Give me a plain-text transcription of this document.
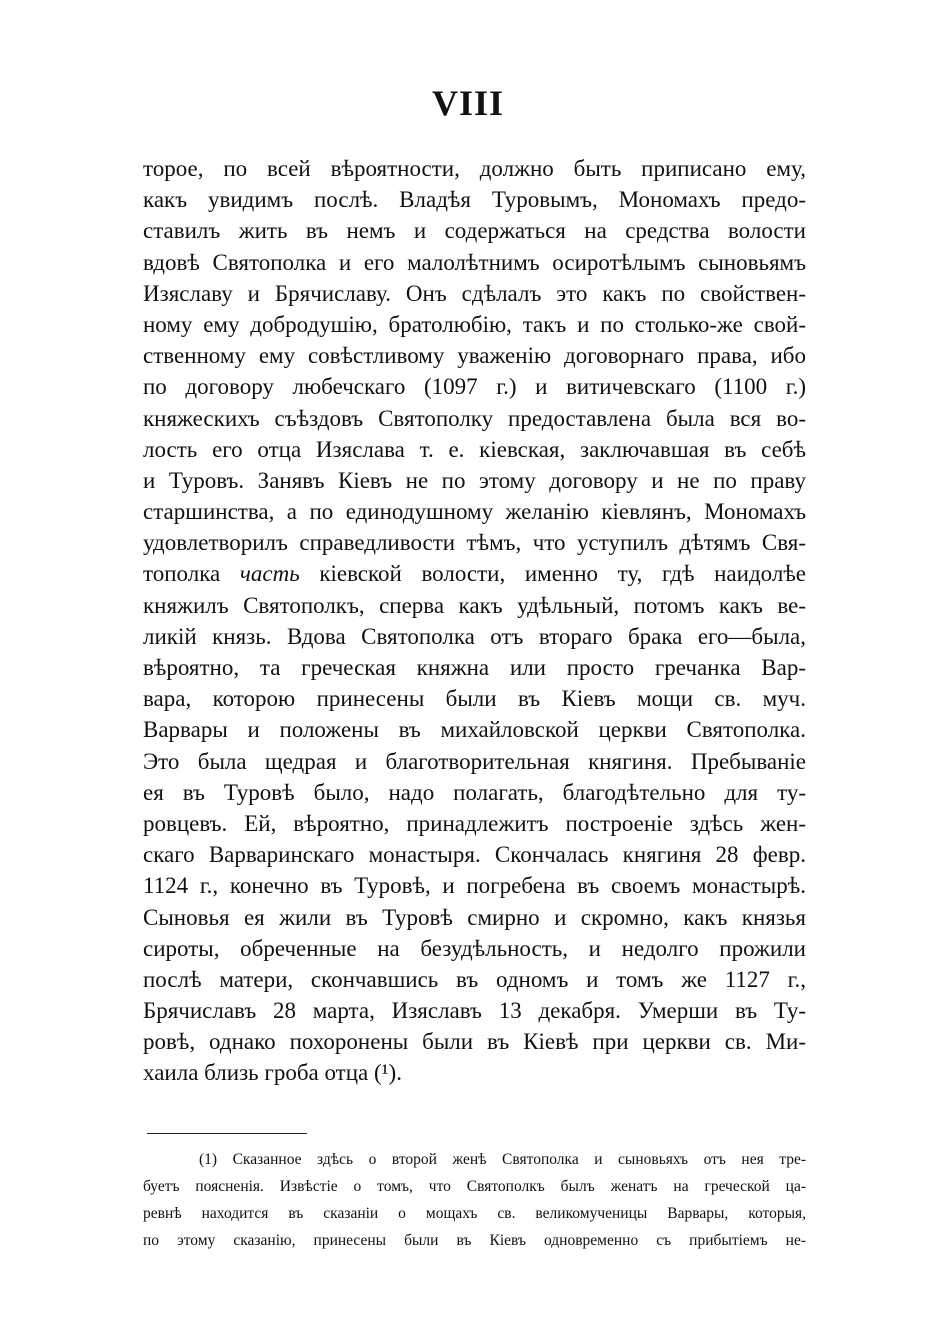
VIII
торое, по всей вѣроятности, должно быть приписано ему,
какъ увидимъ послѣ. Владѣя Туровымъ, Мономахъ предо-
ставилъ жить въ немъ и содержаться на средства волости
вдовѣ Святополка и его малолѣтнимъ осиротѣлымъ сыновьямъ
Изяславу и Брячиславу. Онъ сдѣлалъ это какъ по свойствен-
ному ему добродушію, братолюбію, такъ и по столько-же свой-
ственному ему совѣстливому уваженію договорнаго права, ибо
по договору любечскаго (1097 г.) и витичевскаго (1100 г.)
княжескихъ съѣздовъ Святополку предоставлена была вся во-
лость его отца Изяслава т. е. кіевская, заключавшая въ себѣ
и Туровъ. Занявъ Кіевъ не по этому договору и не по праву
старшинства, а по единодушному желанію кіевлянъ, Мономахъ
удовлетворилъ справедливости тѣмъ, что уступилъ дѣтямъ Свя-
тополка часть кіевской волости, именно ту, гдѣ наидолѣе
княжилъ Святополкъ, сперва какъ удѣльный, потомъ какъ ве-
ликій князь. Вдова Святополка отъ втораго брака его—была,
вѣроятно, та греческая княжна или просто гречанка Вар-
вара, которою принесены были въ Кіевъ мощи св. муч.
Варвары и положены въ михайловской церкви Святополка.
Это была щедрая и благотворительная княгиня. Пребываніе
ея въ Туровѣ было, надо полагать, благодѣтельно для ту-
ровцевъ. Ей, вѣроятно, принадлежитъ построеніе здѣсь жен-
скаго Варваринскаго монастыря. Скончалась княгиня 28 февр.
1124 г., конечно въ Туровѣ, и погребена въ своемъ монастырѣ.
Сыновья ея жили въ Туровѣ смирно и скромно, какъ князья
сироты, обреченные на безудѣльность, и недолго прожили
послѣ матери, скончавшись въ одномъ и томъ же 1127 г.,
Брячиславъ 28 марта, Изяславъ 13 декабря. Умерши въ Ту-
ровѣ, однако похоронены были въ Кіевѣ при церкви св. Ми-
хаила близь гроба отца (¹).
(1) Сказанное здѣсь о второй женѣ Святополка и сыновьяхъ отъ нея тре-
буетъ поясненія. Извѣстіе о томъ, что Святополкъ былъ женатъ на греческой ца-
ревнѣ находится въ сказаніи о мощахъ св. великомученицы Варвары, которыя,
по этому сказанію, принесены были въ Кіевъ одновременно съ прибытіемъ не-
